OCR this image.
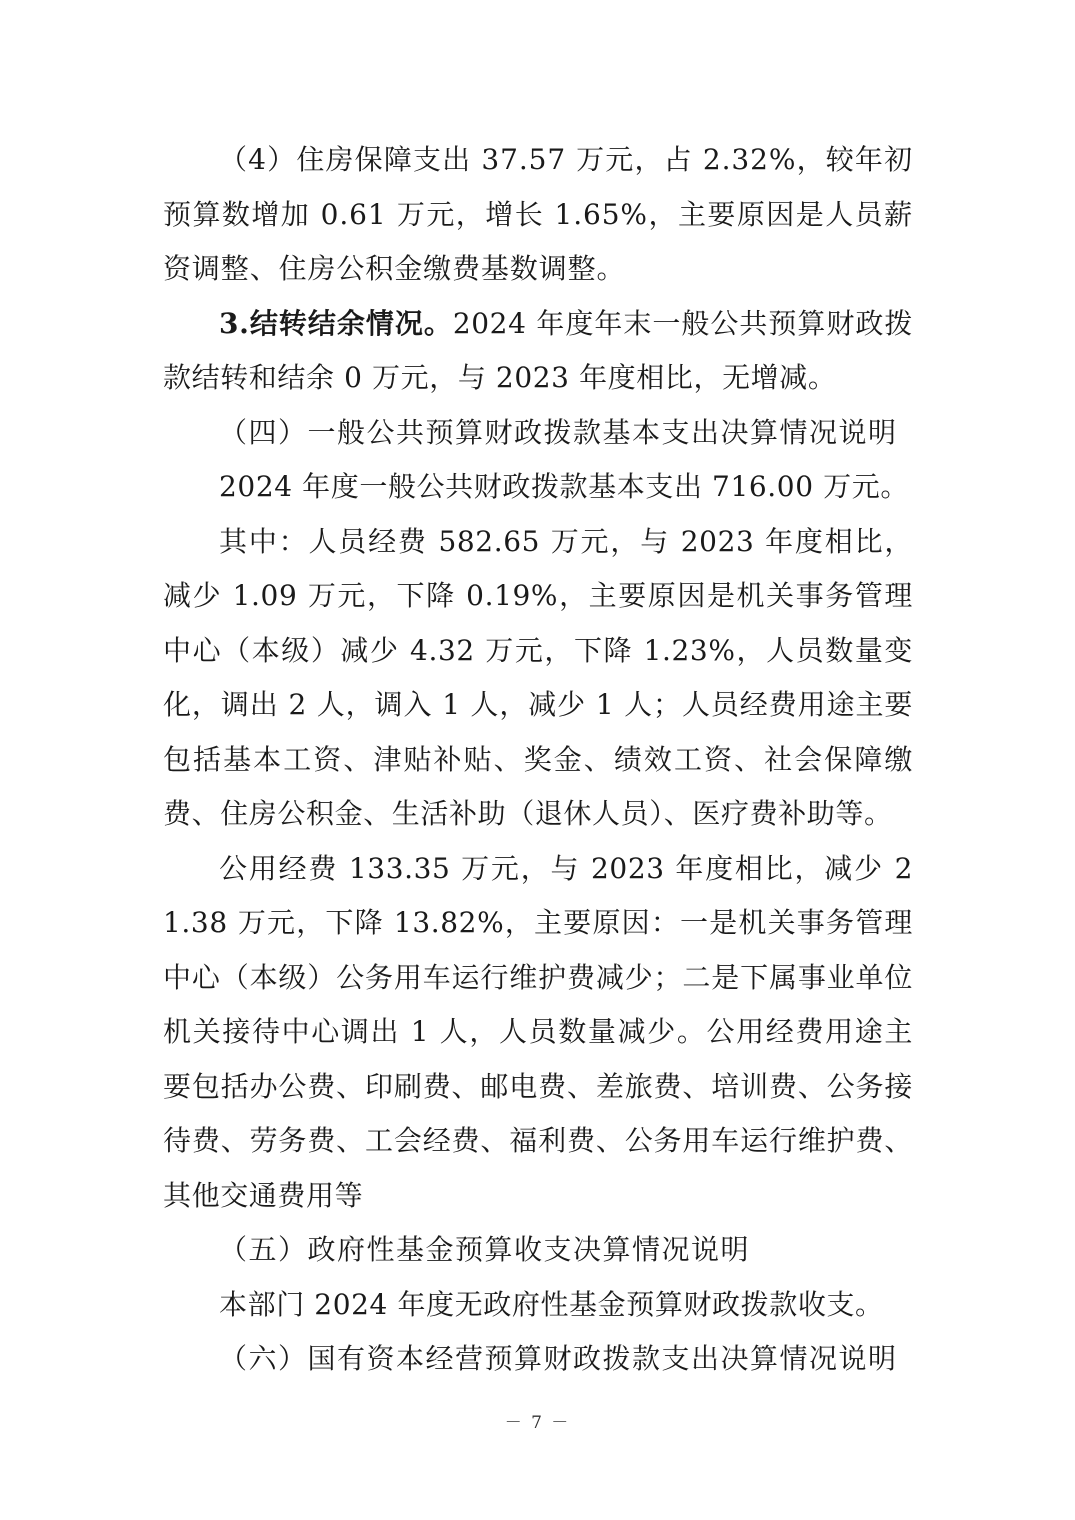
（4）住房保障支出 37.57 万元，占 2.32%，较年初预算数增加 0.61 万元，增长 1.65%，主要原因是人员薪资调整、住房公积金缴费基数调整。

3.结转结余情况。2024 年度年末一般公共预算财政拨款结转和结余 0 万元，与 2023 年度相比，无增减。

（四）一般公共预算财政拨款基本支出决算情况说明

2024 年度一般公共财政拨款基本支出 716.00 万元。

其中：人员经费 582.65 万元，与 2023 年度相比，减少 1.09 万元，下降 0.19%，主要原因是机关事务管理中心（本级）减少 4.32 万元，下降 1.23%，人员数量变化，调出 2 人，调入 1 人，减少 1 人；人员经费用途主要包括基本工资、津贴补贴、奖金、绩效工资、社会保障缴费、住房公积金、生活补助（退休人员）、医疗费补助等。

公用经费 133.35 万元，与 2023 年度相比，减少 21.38 万元，下降 13.82%，主要原因：一是机关事务管理中心（本级）公务用车运行维护费减少；二是下属事业单位机关接待中心调出 1 人，人员数量减少。公用经费用途主要包括办公费、印刷费、邮电费、差旅费、培训费、公务接待费、劳务费、工会经费、福利费、公务用车运行维护费、其他交通费用等

（五）政府性基金预算收支决算情况说明

本部门 2024 年度无政府性基金预算财政拨款收支。

（六）国有资本经营预算财政拨款支出决算情况说明

－ 7 －
